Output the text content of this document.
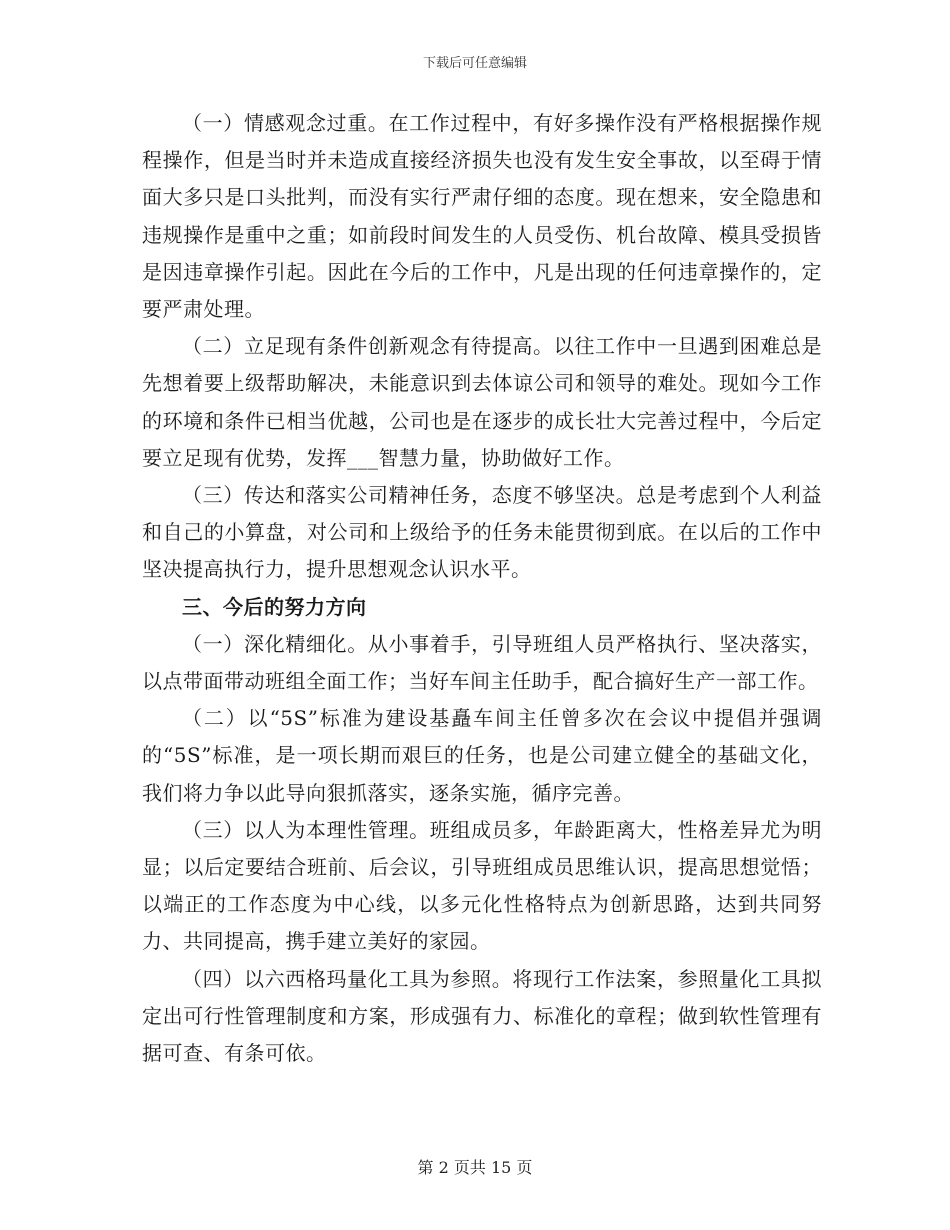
下载后可任意编辑

（一）情感观念过重。在工作过程中，有好多操作没有严格根据操作规程操作，但是当时并未造成直接经济损失也没有发生安全事故，以至碍于情面大多只是口头批判，而没有实行严肃仔细的态度。现在想来，安全隐患和违规操作是重中之重；如前段时间发生的人员受伤、机台故障、模具受损皆是因违章操作引起。因此在今后的工作中，凡是出现的任何违章操作的，定要严肃处理。

（二）立足现有条件创新观念有待提高。以往工作中一旦遇到困难总是先想着要上级帮助解决，未能意识到去体谅公司和领导的难处。现如今工作的环境和条件已相当优越，公司也是在逐步的成长壮大完善过程中，今后定要立足现有优势，发挥___智慧力量，协助做好工作。

（三）传达和落实公司精神任务，态度不够坚决。总是考虑到个人利益和自己的小算盘，对公司和上级给予的任务未能贯彻到底。在以后的工作中坚决提高执行力，提升思想观念认识水平。

三、今后的努力方向

（一）深化精细化。从小事着手，引导班组人员严格执行、坚决落实，以点带面带动班组全面工作；当好车间主任助手，配合搞好生产一部工作。

（二）以“5S”标准为建设基矗车间主任曾多次在会议中提倡并强调的“5S”标准，是一项长期而艰巨的任务，也是公司建立健全的基础文化，我们将力争以此导向狠抓落实，逐条实施，循序完善。

（三）以人为本理性管理。班组成员多，年龄距离大，性格差异尤为明显；以后定要结合班前、后会议，引导班组成员思维认识，提高思想觉悟；以端正的工作态度为中心线，以多元化性格特点为创新思路，达到共同努力、共同提高，携手建立美好的家园。

（四）以六西格玛量化工具为参照。将现行工作法案，参照量化工具拟定出可行性管理制度和方案，形成强有力、标准化的章程；做到软性管理有据可查、有条可依。

第 2 页共 15 页
